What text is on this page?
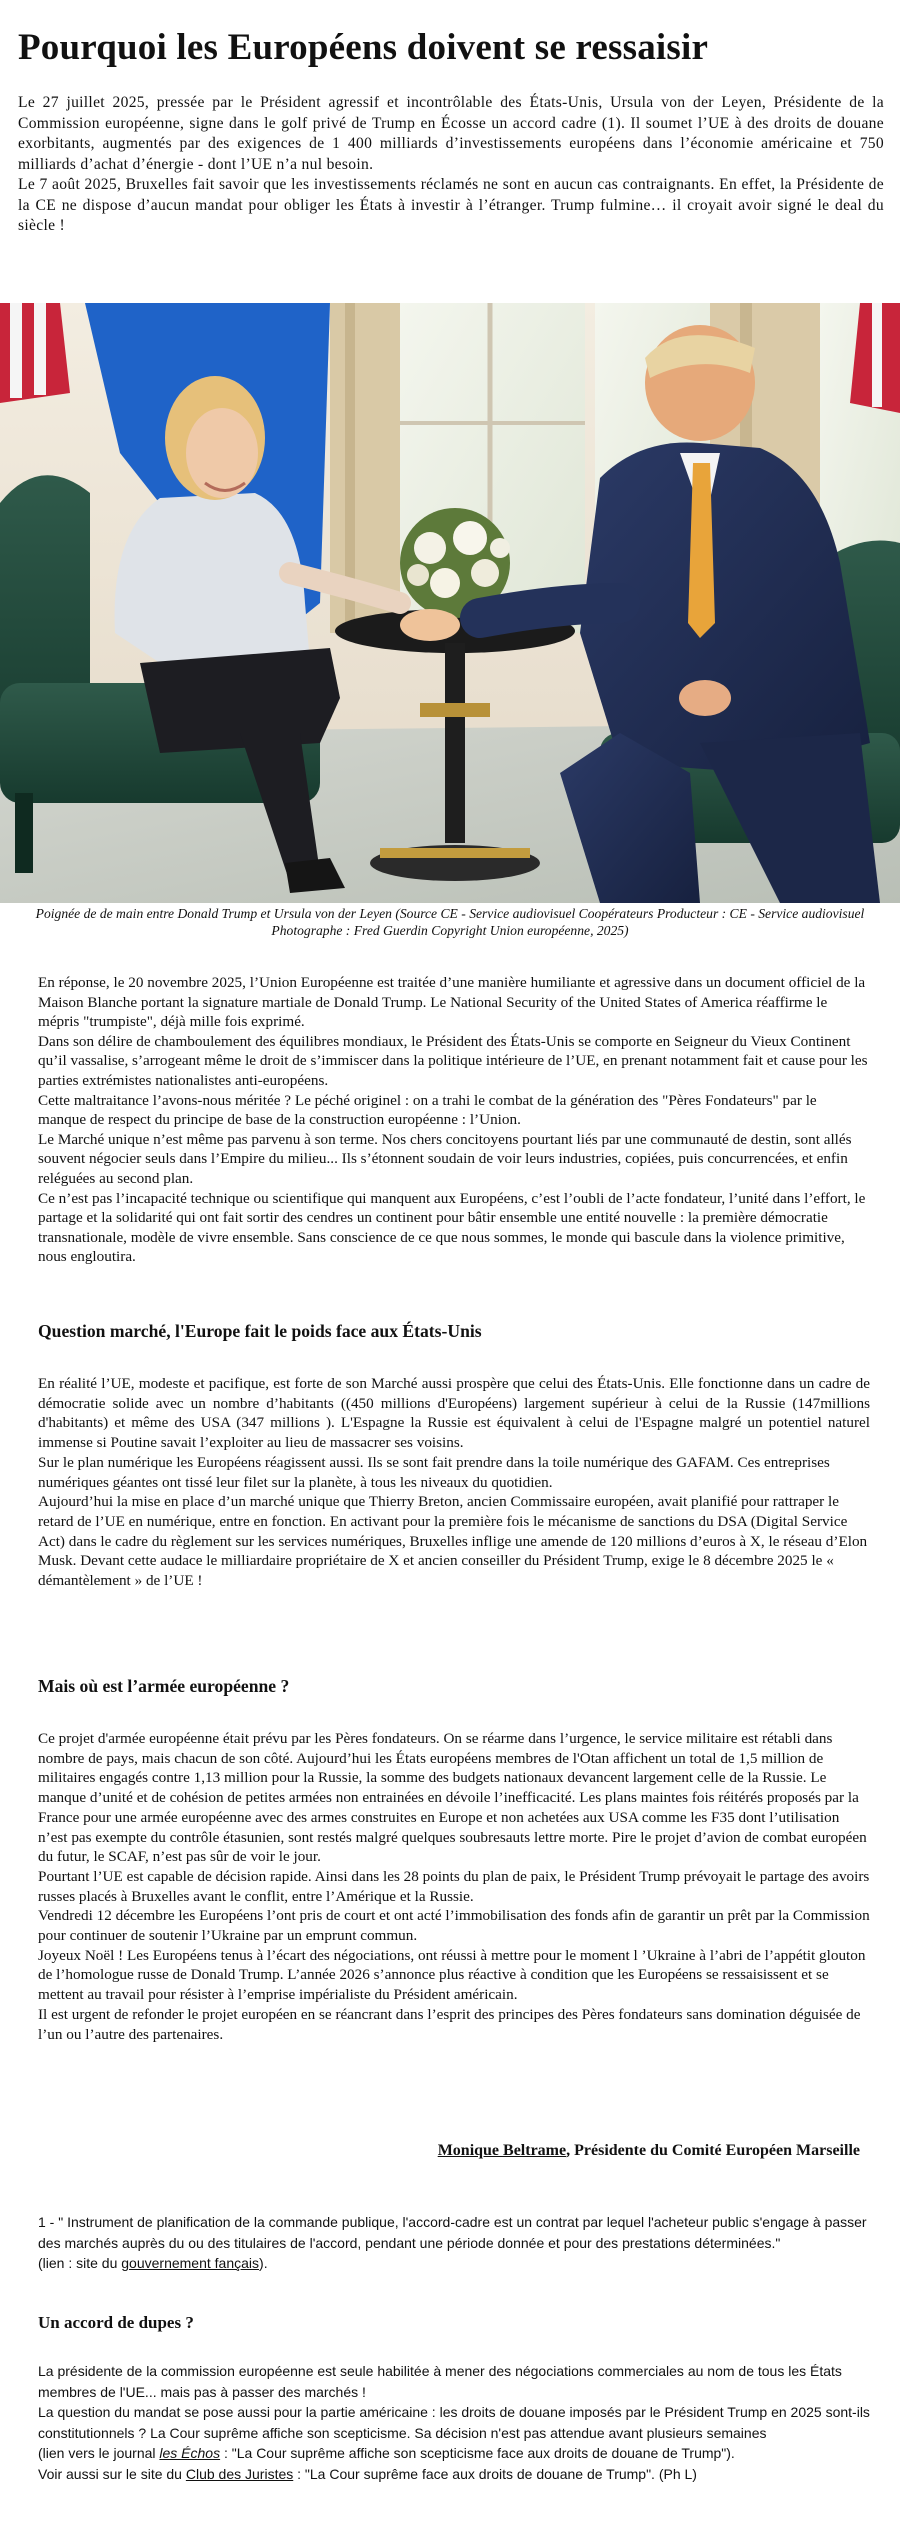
Pourquoi les Européens doivent se ressaisir

Le 27 juillet 2025, pressée par le Président agressif et incontrôlable des États-Unis, Ursula von der Leyen, Présidente de la Commission européenne, signe dans le golf privé de Trump en Écosse un accord cadre (1). Il soumet l’UE à des droits de douane exorbitants, augmentés par des exigences de 1 400 milliards d’investissements européens dans l’économie américaine et 750 milliards d’achat d’énergie - dont l’UE n’a nul besoin.

Le 7 août 2025, Bruxelles fait savoir que les investissements réclamés ne sont en aucun cas contraignants. En effet, la Présidente de la CE ne dispose d’aucun mandat pour obliger les États à investir à l’étranger. Trump fulmine… il croyait avoir signé le deal du siècle !

Poignée de de main entre Donald Trump et Ursula von der Leyen (Source CE - Service audiovisuel Coopérateurs Producteur : CE - Service audiovisuel Photographe : Fred Guerdin Copyright Union européenne, 2025)

En réponse, le 20 novembre 2025, l’Union Européenne est traitée d’une manière humiliante et agressive dans un document officiel de la Maison Blanche portant la signature martiale de Donald Trump. Le National Security of the United States of America réaffirme le mépris "trumpiste", déjà mille fois exprimé.

Dans son délire de chamboulement des équilibres mondiaux, le Président des États-Unis se comporte en Seigneur du Vieux Continent qu’il vassalise, s’arrogeant même le droit de s’immiscer dans la politique intérieure de l’UE, en prenant notamment fait et cause pour les parties extrémistes nationalistes anti-européens.

Cette maltraitance l’avons-nous méritée ? Le péché originel : on a trahi le combat de la génération des "Pères Fondateurs" par le manque de respect du principe de base de la construction européenne : l’Union.

Le Marché unique n’est même pas parvenu à son terme. Nos chers concitoyens pourtant liés par une communauté de destin, sont allés souvent négocier seuls dans l’Empire du milieu... Ils s’étonnent soudain de voir leurs industries, copiées, puis concurrencées, et enfin reléguées au second plan.

Ce n’est pas l’incapacité technique ou scientifique qui manquent aux Européens, c’est l’oubli de l’acte fondateur, l’unité dans l’effort, le partage et la solidarité qui ont fait sortir des cendres un continent pour bâtir ensemble une entité nouvelle : la première démocratie transnationale, modèle de vivre ensemble. Sans conscience de ce que nous sommes, le monde qui bascule dans la violence primitive, nous engloutira.

Question marché, l'Europe fait le poids face aux États-Unis

En réalité l’UE, modeste et pacifique, est forte de son Marché aussi prospère que celui des États-Unis. Elle fonctionne dans un cadre de démocratie solide avec un nombre d’habitants ((450 millions d'Européens) largement supérieur à celui de la Russie (147millions d'habitants) et même des USA (347 millions ). L'Espagne la Russie est équivalent à celui de l'Espagne malgré un potentiel naturel immense si Poutine savait l’exploiter au lieu de massacrer ses voisins.

Sur le plan numérique les Européens réagissent aussi. Ils se sont fait prendre dans la toile numérique des GAFAM. Ces entreprises numériques géantes ont tissé leur filet sur la planète, à tous les niveaux du quotidien.

Aujourd’hui la mise en place d’un marché unique que Thierry Breton, ancien Commissaire européen, avait planifié pour rattraper le retard de l’UE en numérique, entre en fonction. En activant pour la première fois le mécanisme de sanctions du DSA (Digital Service Act) dans le cadre du règlement sur les services numériques, Bruxelles inflige une amende de 120 millions d’euros à X, le réseau d’Elon Musk. Devant cette audace le milliardaire propriétaire de X et ancien conseiller du Président Trump, exige le 8 décembre 2025 le « démantèlement » de l’UE !

Mais où est l’armée européenne ?

Ce projet d'armée européenne était prévu par les Pères fondateurs. On se réarme dans l’urgence, le service militaire est rétabli dans nombre de pays, mais chacun de son côté. Aujourd’hui les États européens membres de l'Otan affichent un total de 1,5 million de militaires engagés contre 1,13 million pour la Russie, la somme des budgets nationaux devancent largement celle de la Russie. Le manque d’unité et de cohésion de petites armées non entrainées en dévoile l’inefficacité. Les plans maintes fois réitérés proposés par la France pour une armée européenne avec des armes construites en Europe et non achetées aux USA comme les F35 dont l’utilisation n’est pas exempte du contrôle étasunien, sont restés malgré quelques soubresauts lettre morte. Pire le projet d’avion de combat européen du futur, le SCAF, n’est pas sûr de voir le jour.

Pourtant l’UE est capable de décision rapide. Ainsi dans les 28 points du plan de paix, le Président Trump prévoyait le partage des avoirs russes placés à Bruxelles avant le conflit, entre l’Amérique et la Russie.

Vendredi 12 décembre les Européens l’ont pris de court et ont acté l’immobilisation des fonds afin de garantir un prêt par la Commission pour continuer de soutenir l’Ukraine par un emprunt commun.

Joyeux Noël ! Les Européens tenus à l’écart des négociations, ont réussi à mettre pour le moment l ’Ukraine à l’abri de l’appétit glouton de l’homologue russe de Donald Trump. L’année 2026 s’annonce plus réactive à condition que les Européens se ressaisissent et se mettent au travail pour résister à l’emprise impérialiste du Président américain.

Il est urgent de refonder le projet européen en se réancrant dans l’esprit des principes des Pères fondateurs sans domination déguisée de l’un ou l’autre des partenaires.

Monique Beltrame, Présidente du Comité Européen Marseille

1 - " Instrument de planification de la commande publique, l'accord-cadre est un contrat par lequel l'acheteur public s'engage à passer des marchés auprès du ou des titulaires de l'accord, pendant une période donnée et pour des prestations déterminées."

(lien : site du gouvernement fançais).

Un accord de dupes ?

La présidente de la commission européenne est seule habilitée à mener des négociations commerciales au nom de tous les États membres de l'UE... mais pas à passer des marchés !

La question du mandat se pose aussi pour la partie américaine : les droits de douane imposés par le Président Trump en 2025 sont-ils constitutionnels ? La Cour suprême affiche son scepticisme. Sa décision n'est pas attendue avant plusieurs semaines

(lien vers le journal les Échos : "La Cour suprême affiche son scepticisme face aux droits de douane de Trump").

Voir aussi sur le site du Club des Juristes : "La Cour suprême face aux droits de douane de Trump". (Ph L)
